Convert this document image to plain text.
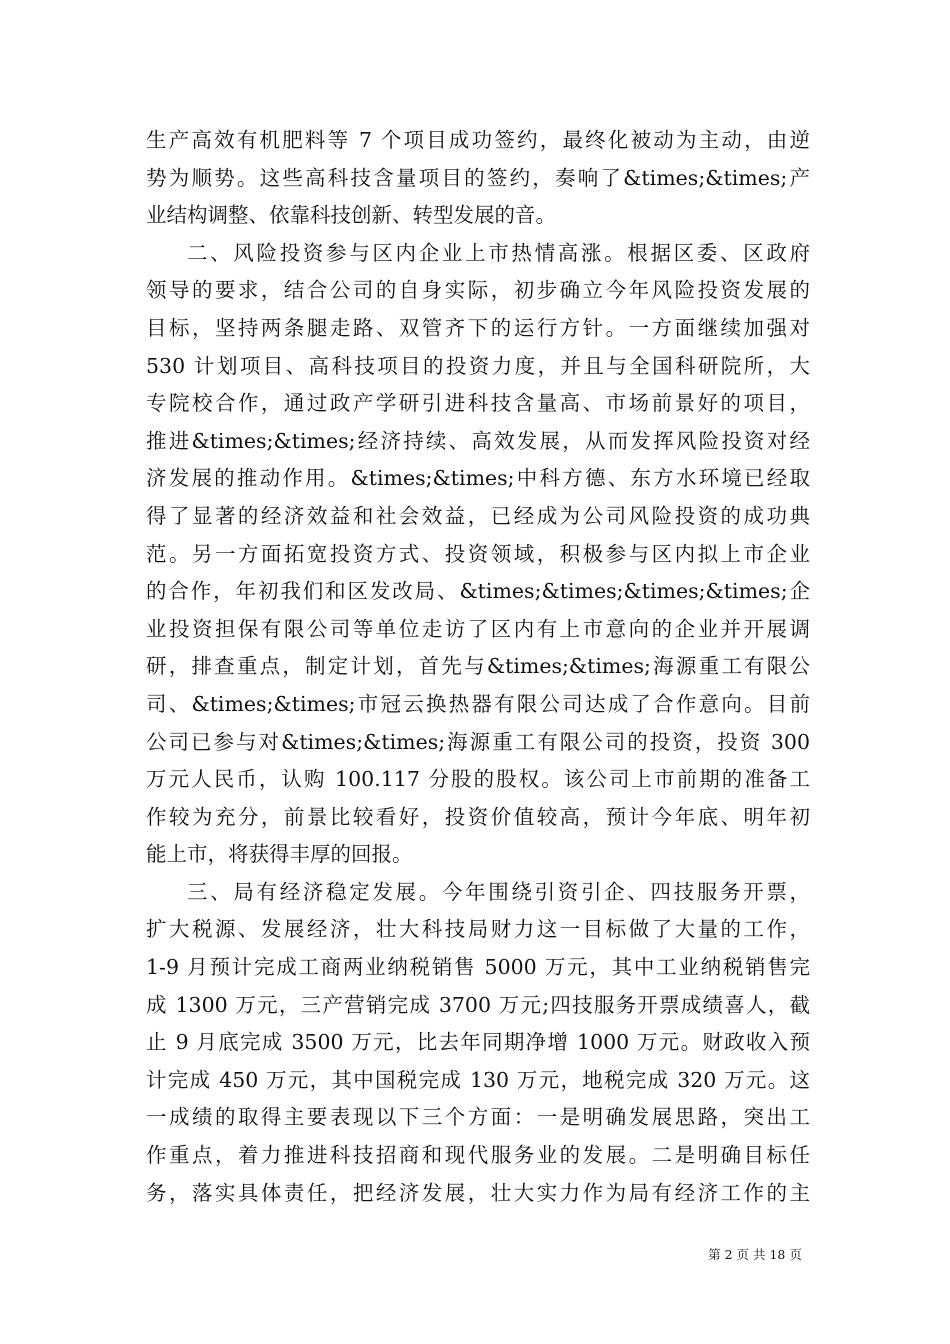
生产高效有机肥料等 7 个项目成功签约，最终化被动为主动，由逆
势为顺势。这些高科技含量项目的签约，奏响了&times;&times;产
业结构调整、依靠科技创新、转型发展的音。
二、风险投资参与区内企业上市热情高涨。根据区委、区政府
领导的要求，结合公司的自身实际，初步确立今年风险投资发展的
目标，坚持两条腿走路、双管齐下的运行方针。一方面继续加强对
530 计划项目、高科技项目的投资力度，并且与全国科研院所，大
专院校合作，通过政产学研引进科技含量高、市场前景好的项目，
推进&times;&times;经济持续、高效发展，从而发挥风险投资对经
济发展的推动作用。&times;&times;中科方德、东方水环境已经取
得了显著的经济效益和社会效益，已经成为公司风险投资的成功典
范。另一方面拓宽投资方式、投资领域，积极参与区内拟上市企业
的合作，年初我们和区发改局、&times;&times;&times;&times;企
业投资担保有限公司等单位走访了区内有上市意向的企业并开展调
研，排查重点，制定计划，首先与&times;&times;海源重工有限公
司、&times;&times;市冠云换热器有限公司达成了合作意向。目前
公司已参与对&times;&times;海源重工有限公司的投资，投资 300
万元人民币，认购 100.117 分股的股权。该公司上市前期的准备工
作较为充分，前景比较看好，投资价值较高，预计今年底、明年初
能上市，将获得丰厚的回报。
三、局有经济稳定发展。今年围绕引资引企、四技服务开票，
扩大税源、发展经济，壮大科技局财力这一目标做了大量的工作，
1-9 月预计完成工商两业纳税销售 5000 万元，其中工业纳税销售完
成 1300 万元，三产营销完成 3700 万元;四技服务开票成绩喜人，截
止 9 月底完成 3500 万元，比去年同期净增 1000 万元。财政收入预
计完成 450 万元，其中国税完成 130 万元，地税完成 320 万元。这
一成绩的取得主要表现以下三个方面：一是明确发展思路，突出工
作重点，着力推进科技招商和现代服务业的发展。二是明确目标任
务，落实具体责任，把经济发展，壮大实力作为局有经济工作的主
第 2 页 共 18 页
